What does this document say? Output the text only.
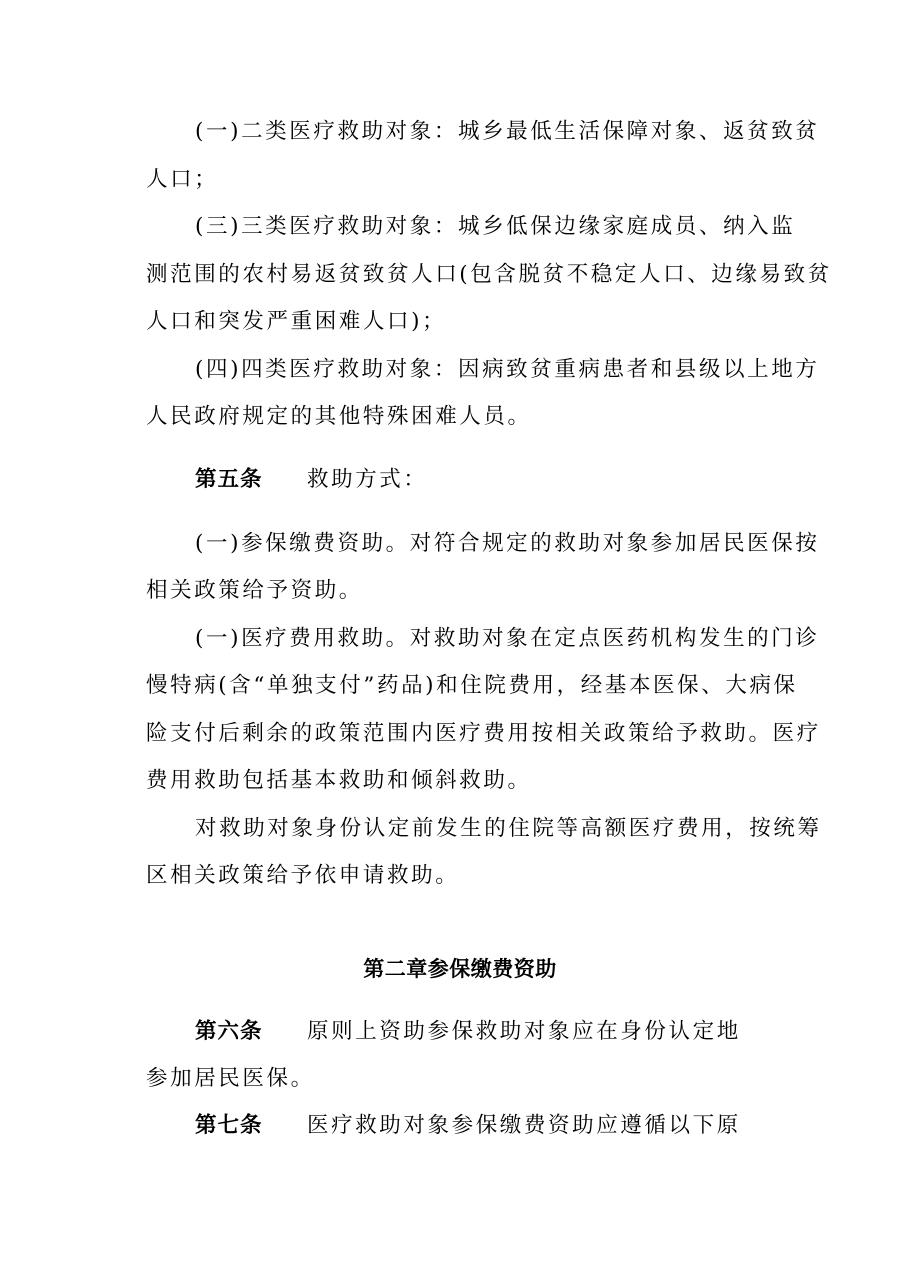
(一)二类医疗救助对象：城乡最低生活保障对象、返贫致贫
人口；
(三)三类医疗救助对象：城乡低保边缘家庭成员、纳入监
测范围的农村易返贫致贫人口(包含脱贫不稳定人口、边缘易致贫
人口和突发严重困难人口)；
(四)四类医疗救助对象：因病致贫重病患者和县级以上地方
人民政府规定的其他特殊困难人员。
第五条 救助方式：
(一)参保缴费资助。对符合规定的救助对象参加居民医保按
相关政策给予资助。
(一)医疗费用救助。对救助对象在定点医药机构发生的门诊
慢特病(含“单独支付”药品)和住院费用，经基本医保、大病保
险支付后剩余的政策范围内医疗费用按相关政策给予救助。医疗
费用救助包括基本救助和倾斜救助。
对救助对象身份认定前发生的住院等高额医疗费用，按统筹
区相关政策给予依申请救助。
第二章参保缴费资助
第六条 原则上资助参保救助对象应在身份认定地
参加居民医保。
第七条 医疗救助对象参保缴费资助应遵循以下原
